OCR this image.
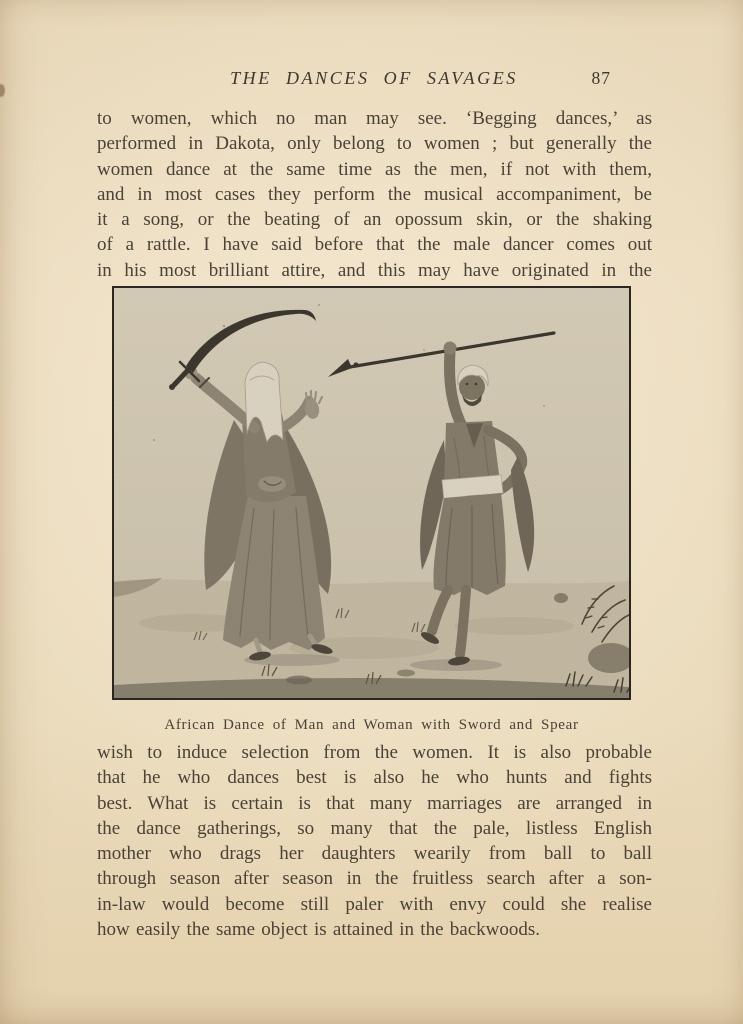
THE DANCES OF SAVAGES	87
to women, which no man may see. ‘Begging dances,’ as
performed in Dakota, only belong to women ; but generally the
women dance at the same time as the men, if not with them,
and in most cases they perform the musical accompaniment, be
it a song, or the beating of an opossum skin, or the shaking
of a rattle. I have said before that the male dancer comes out
in his most brilliant attire, and this may have originated in the
African Dance of Man and Woman with Sword and Spear
wish to induce selection from the women. It is also probable
that he who dances best is also he who hunts and fights
best. What is certain is that many marriages are arranged in
the dance gatherings, so many that the pale, listless English
mother who drags her daughters wearily from ball to ball
through season after season in the fruitless search after a son-
in-law would become still paler with envy could she realise
how easily the same object is attained in the backwoods.
